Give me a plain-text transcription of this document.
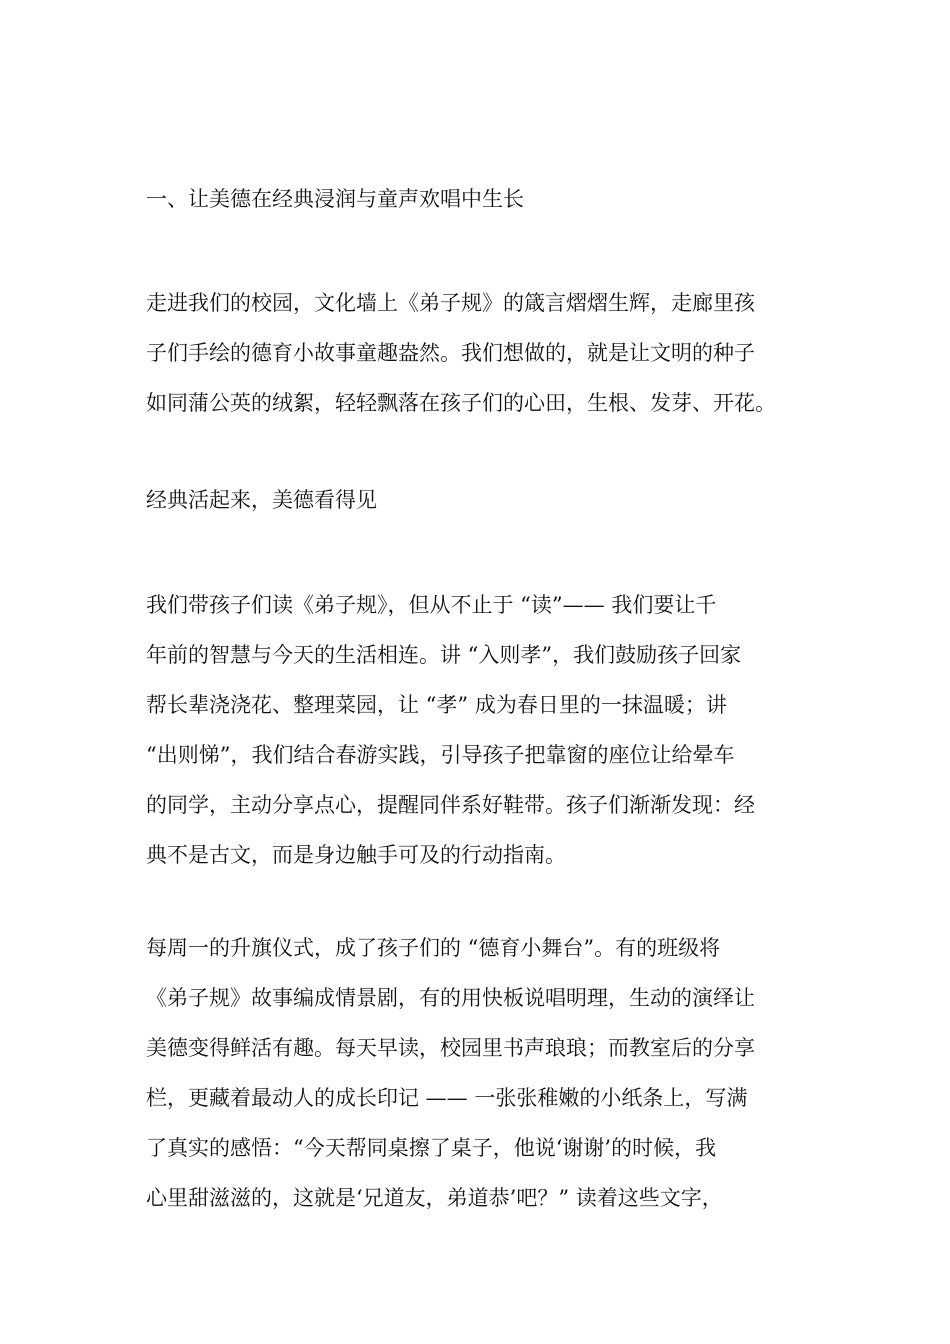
一、让美德在经典浸润与童声欢唱中生长
走进我们的校园，文化墙上《弟子规》的箴言熠熠生辉，走廊里孩
子们手绘的德育小故事童趣盎然。我们想做的，就是让文明的种子
如同蒲公英的绒絮，轻轻飘落在孩子们的心田，生根、发芽、开花。
经典活起来，美德看得见
我们带孩子们读《弟子规》，但从不止于 “读”—— 我们要让千
年前的智慧与今天的生活相连。讲 “入则孝”，我们鼓励孩子回家
帮长辈浇浇花、整理菜园，让 “孝” 成为春日里的一抹温暖；讲
“出则悌”，我们结合春游实践，引导孩子把靠窗的座位让给晕车
的同学，主动分享点心，提醒同伴系好鞋带。孩子们渐渐发现：经
典不是古文，而是身边触手可及的行动指南。
每周一的升旗仪式，成了孩子们的 “德育小舞台”。有的班级将
《弟子规》故事编成情景剧，有的用快板说唱明理，生动的演绎让
美德变得鲜活有趣。每天早读，校园里书声琅琅；而教室后的分享
栏，更藏着最动人的成长印记 —— 一张张稚嫩的小纸条上，写满
了真实的感悟：“今天帮同桌擦了桌子，他说‘谢谢’的时候，我
心里甜滋滋的，这就是‘兄道友，弟道恭’吧？” 读着这些文字，
